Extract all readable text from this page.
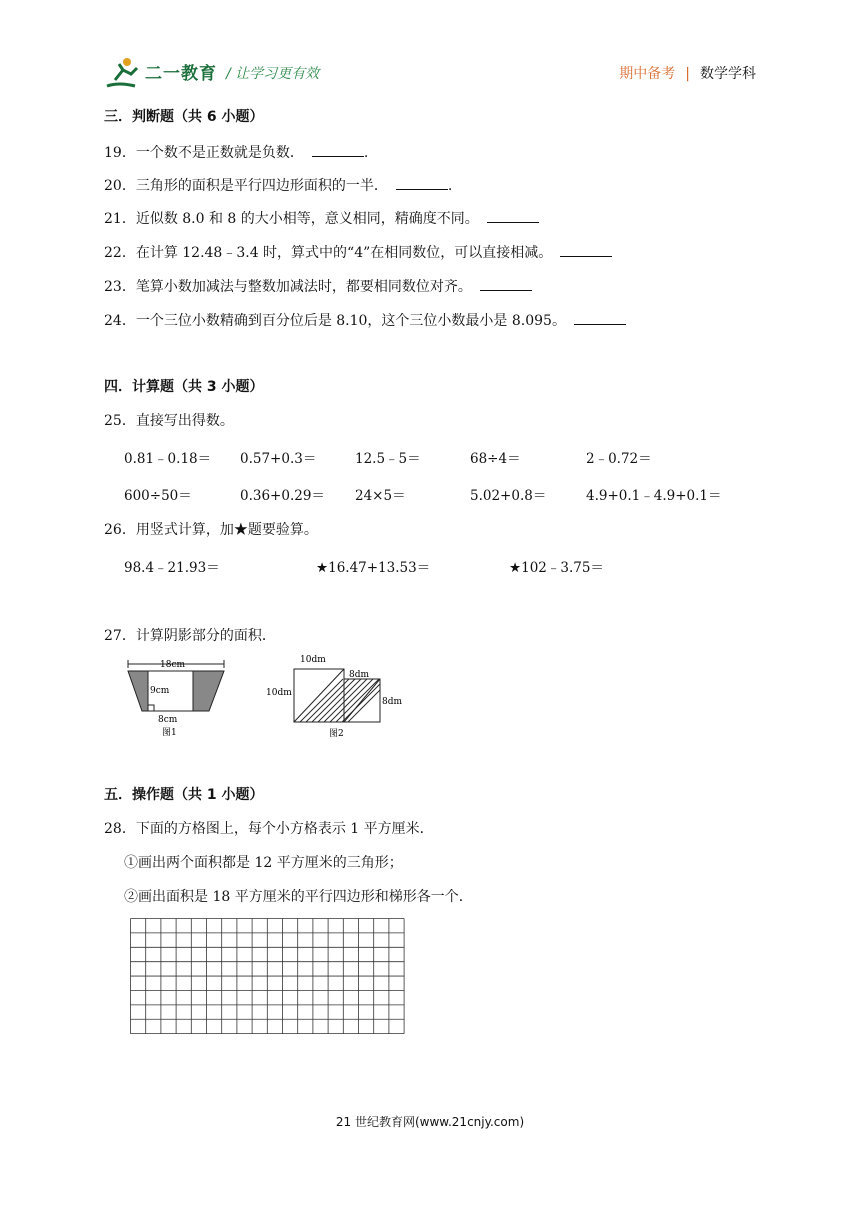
二一教育 / 让学习更有效	期中备考 | 数学学科
三．判断题（共 6 小题）
19．一个数不是正数就是负数．	.
20．三角形的面积是平行四边形面积的一半．	.
21．近似数 8.0 和 8 的大小相等，意义相同，精确度不同。
22．在计算 12.48﹣3.4 时，算式中的“4”在相同数位，可以直接相减。
23．笔算小数加减法与整数加减法时，都要相同数位对齐。
24．一个三位小数精确到百分位后是 8.10，这个三位小数最小是 8.095。
四．计算题（共 3 小题）
25．直接写出得数。
0.81﹣0.18＝ 0.57+0.3＝	12.5﹣5＝	68÷4＝	2﹣0.72＝
600÷50＝	0.36+0.29＝ 24×5＝	5.02+0.8＝	4.9+0.1﹣4.9+0.1＝
26．用竖式计算，加★题要验算。
98.4﹣21.93＝	★16.47+13.53＝	★102﹣3.75＝
27．计算阴影部分的面积．
18cm
9cm
8cm
图1
10dm
10dm
8dm
8dm
图2
五．操作题（共 1 小题）
28．下面的方格图上，每个小方格表示 1 平方厘米．
①画出两个面积都是 12 平方厘米的三角形；
②画出面积是 18 平方厘米的平行四边形和梯形各一个．
21 世纪教育网(www.21cnjy.com)
